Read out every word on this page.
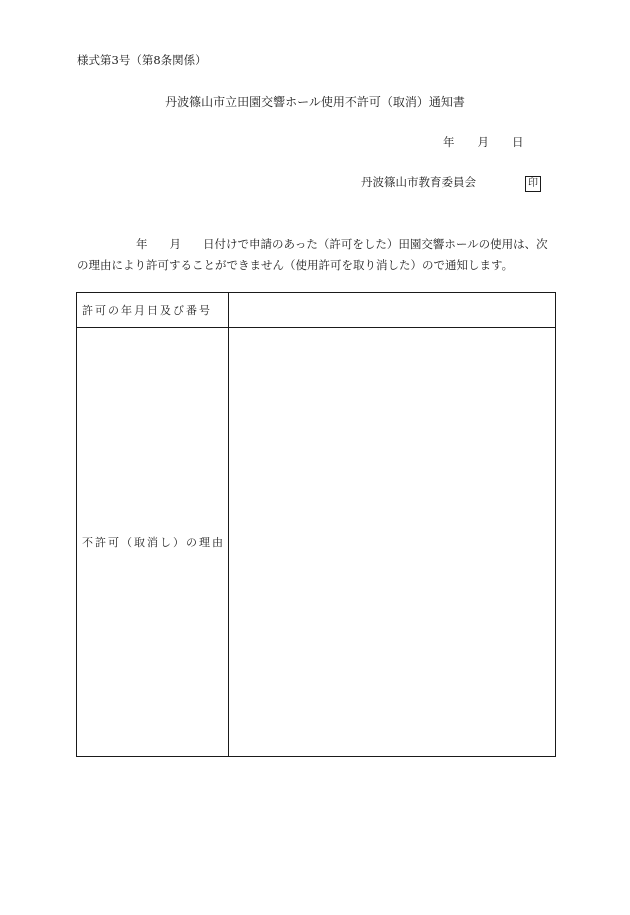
様式第3号（第8条関係）
丹波篠山市立田園交響ホール使用不許可（取消）通知書
年 月 日
丹波篠山市教育委員会	印
年 月 日付けで申請のあった（許可をした）田園交響ホールの使用は、次
の理由により許可することができません（使用許可を取り消した）ので通知します。
許可の年月日及び番号	
不許可（取消し）の理由	
